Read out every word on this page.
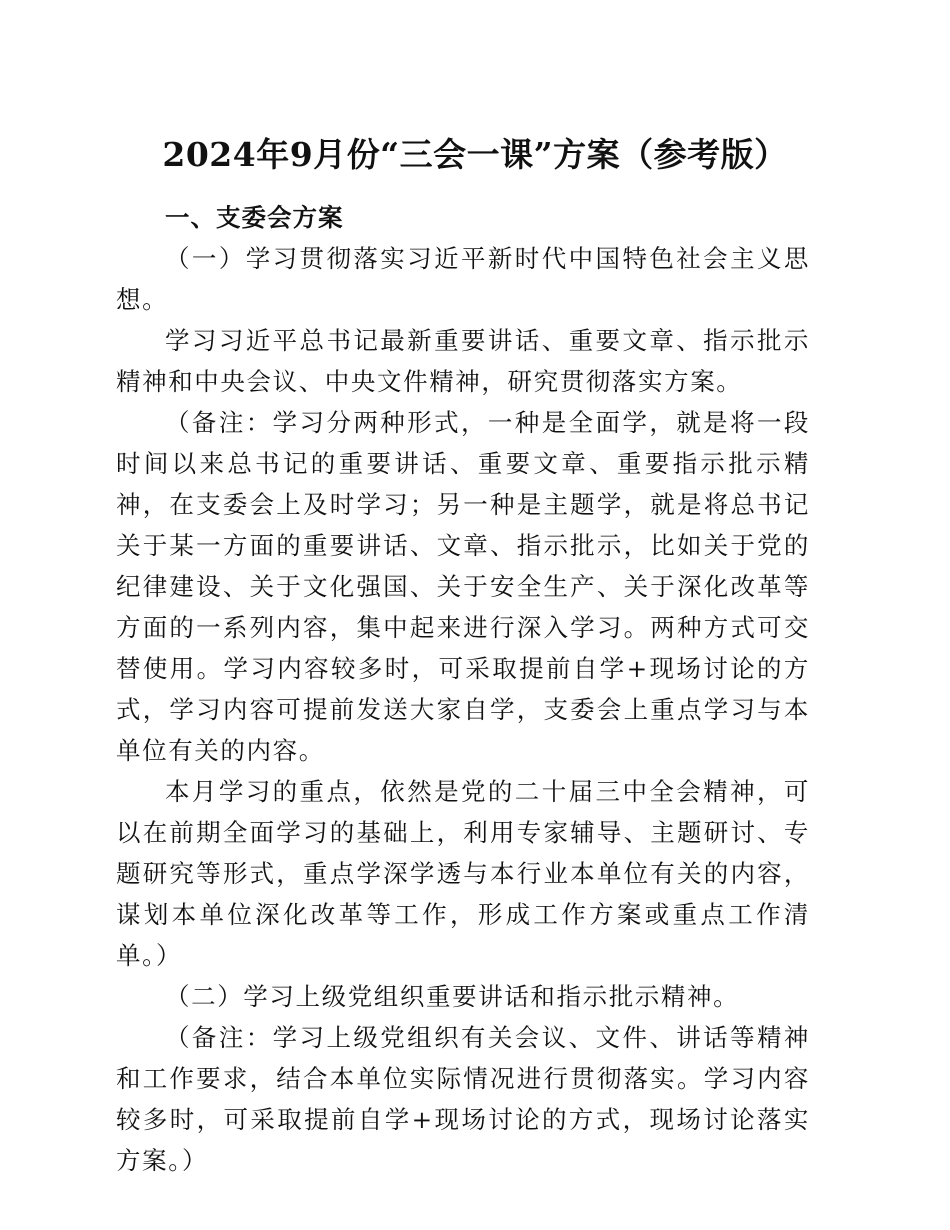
2024年9月份“三会一课”方案（参考版）

一、支委会方案

（一）学习贯彻落实习近平新时代中国特色社会主义思想。

学习习近平总书记最新重要讲话、重要文章、指示批示精神和中央会议、中央文件精神，研究贯彻落实方案。

（备注：学习分两种形式，一种是全面学，就是将一段时间以来总书记的重要讲话、重要文章、重要指示批示精神，在支委会上及时学习；另一种是主题学，就是将总书记关于某一方面的重要讲话、文章、指示批示，比如关于党的纪律建设、关于文化强国、关于安全生产、关于深化改革等方面的一系列内容，集中起来进行深入学习。两种方式可交替使用。学习内容较多时，可采取提前自学+现场讨论的方式，学习内容可提前发送大家自学，支委会上重点学习与本单位有关的内容。

本月学习的重点，依然是党的二十届三中全会精神，可以在前期全面学习的基础上，利用专家辅导、主题研讨、专题研究等形式，重点学深学透与本行业本单位有关的内容，谋划本单位深化改革等工作，形成工作方案或重点工作清单。）

（二）学习上级党组织重要讲话和指示批示精神。

（备注：学习上级党组织有关会议、文件、讲话等精神和工作要求，结合本单位实际情况进行贯彻落实。学习内容较多时，可采取提前自学+现场讨论的方式，现场讨论落实方案。）
